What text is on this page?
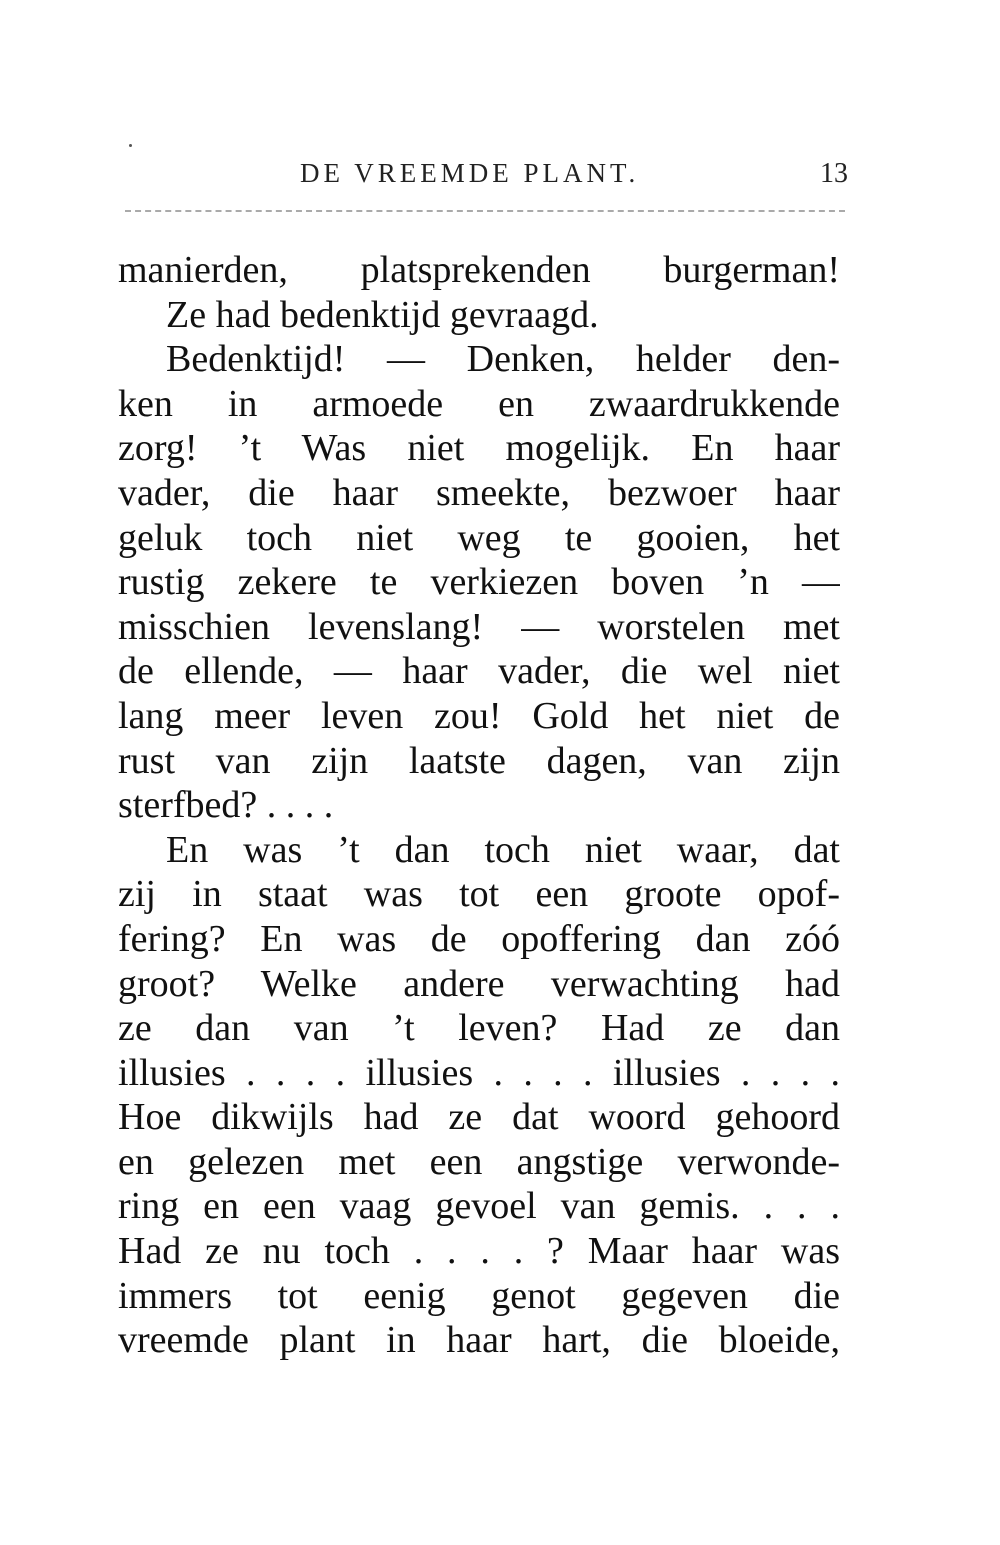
DE VREEMDE PLANT.	13
manierden, platsprekenden burgerman!
Ze had bedenktijd gevraagd.
Bedenktijd! — Denken, helder den-
ken in armoede en zwaardrukkende
zorg! ’t Was niet mogelijk. En haar
vader, die haar smeekte, bezwoer haar
geluk toch niet weg te gooien, het
rustig zekere te verkiezen boven ’n —
misschien levenslang! — worstelen met
de ellende, — haar vader, die wel niet
lang meer leven zou! Gold het niet de
rust van zijn laatste dagen, van zijn
sterfbed? . . . .
En was ’t dan toch niet waar, dat
zij in staat was tot een groote opof-
fering? En was de opoffering dan zóó
groot? Welke andere verwachting had
ze dan van ’t leven? Had ze dan
illusies . . . . illusies . . . . illusies . . . .
Hoe dikwijls had ze dat woord gehoord
en gelezen met een angstige verwonde-
ring en een vaag gevoel van gemis. . . .
Had ze nu toch . . . . ? Maar haar was
immers tot eenig genot gegeven die
vreemde plant in haar hart, die bloeide,
